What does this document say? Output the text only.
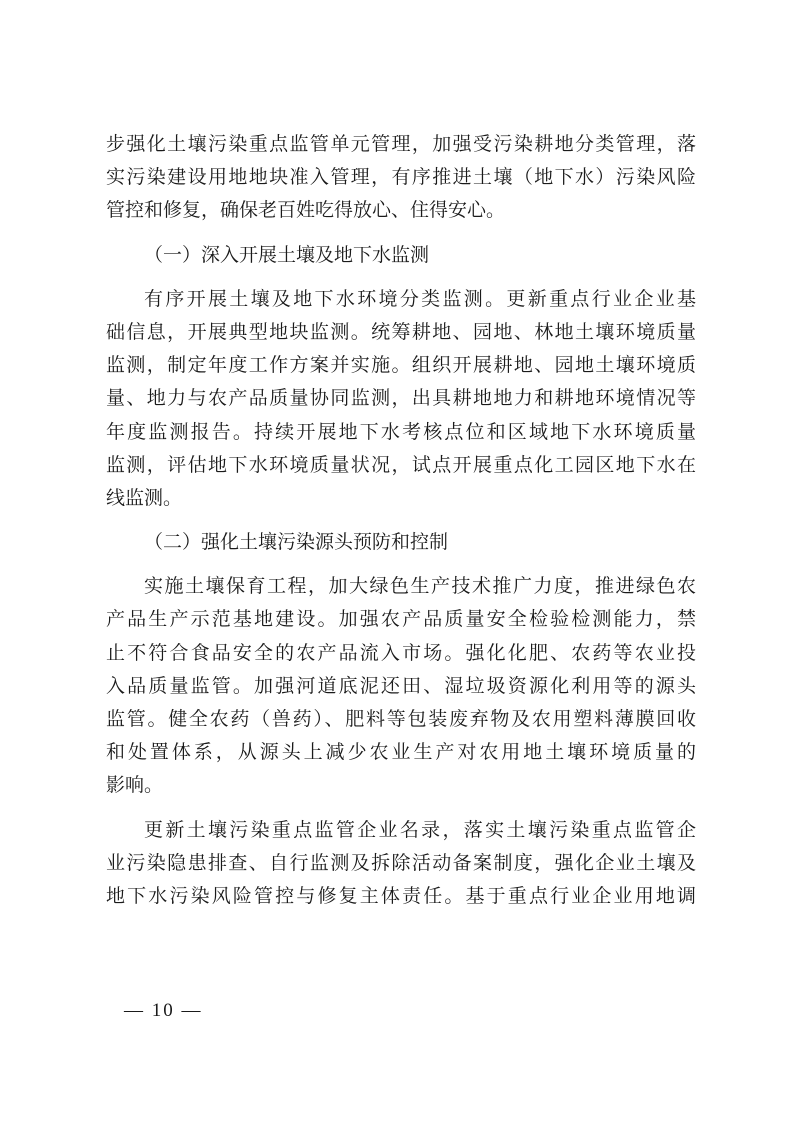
步强化土壤污染重点监管单元管理，加强受污染耕地分类管理，落
实污染建设用地地块准入管理，有序推进土壤（地下水）污染风险
管控和修复，确保老百姓吃得放心、住得安心。
（一）深入开展土壤及地下水监测
有序开展土壤及地下水环境分类监测。更新重点行业企业基
础信息，开展典型地块监测。统筹耕地、园地、林地土壤环境质量
监测，制定年度工作方案并实施。组织开展耕地、园地土壤环境质
量、地力与农产品质量协同监测，出具耕地地力和耕地环境情况等
年度监测报告。持续开展地下水考核点位和区域地下水环境质量
监测，评估地下水环境质量状况，试点开展重点化工园区地下水在
线监测。
（二）强化土壤污染源头预防和控制
实施土壤保育工程，加大绿色生产技术推广力度，推进绿色农
产品生产示范基地建设。加强农产品质量安全检验检测能力，禁
止不符合食品安全的农产品流入市场。强化化肥、农药等农业投
入品质量监管。加强河道底泥还田、湿垃圾资源化利用等的源头
监管。健全农药（兽药）、肥料等包装废弃物及农用塑料薄膜回收
和处置体系，从源头上减少农业生产对农用地土壤环境质量的
影响。
更新土壤污染重点监管企业名录，落实土壤污染重点监管企
业污染隐患排查、自行监测及拆除活动备案制度，强化企业土壤及
地下水污染风险管控与修复主体责任。基于重点行业企业用地调
— 10 —
